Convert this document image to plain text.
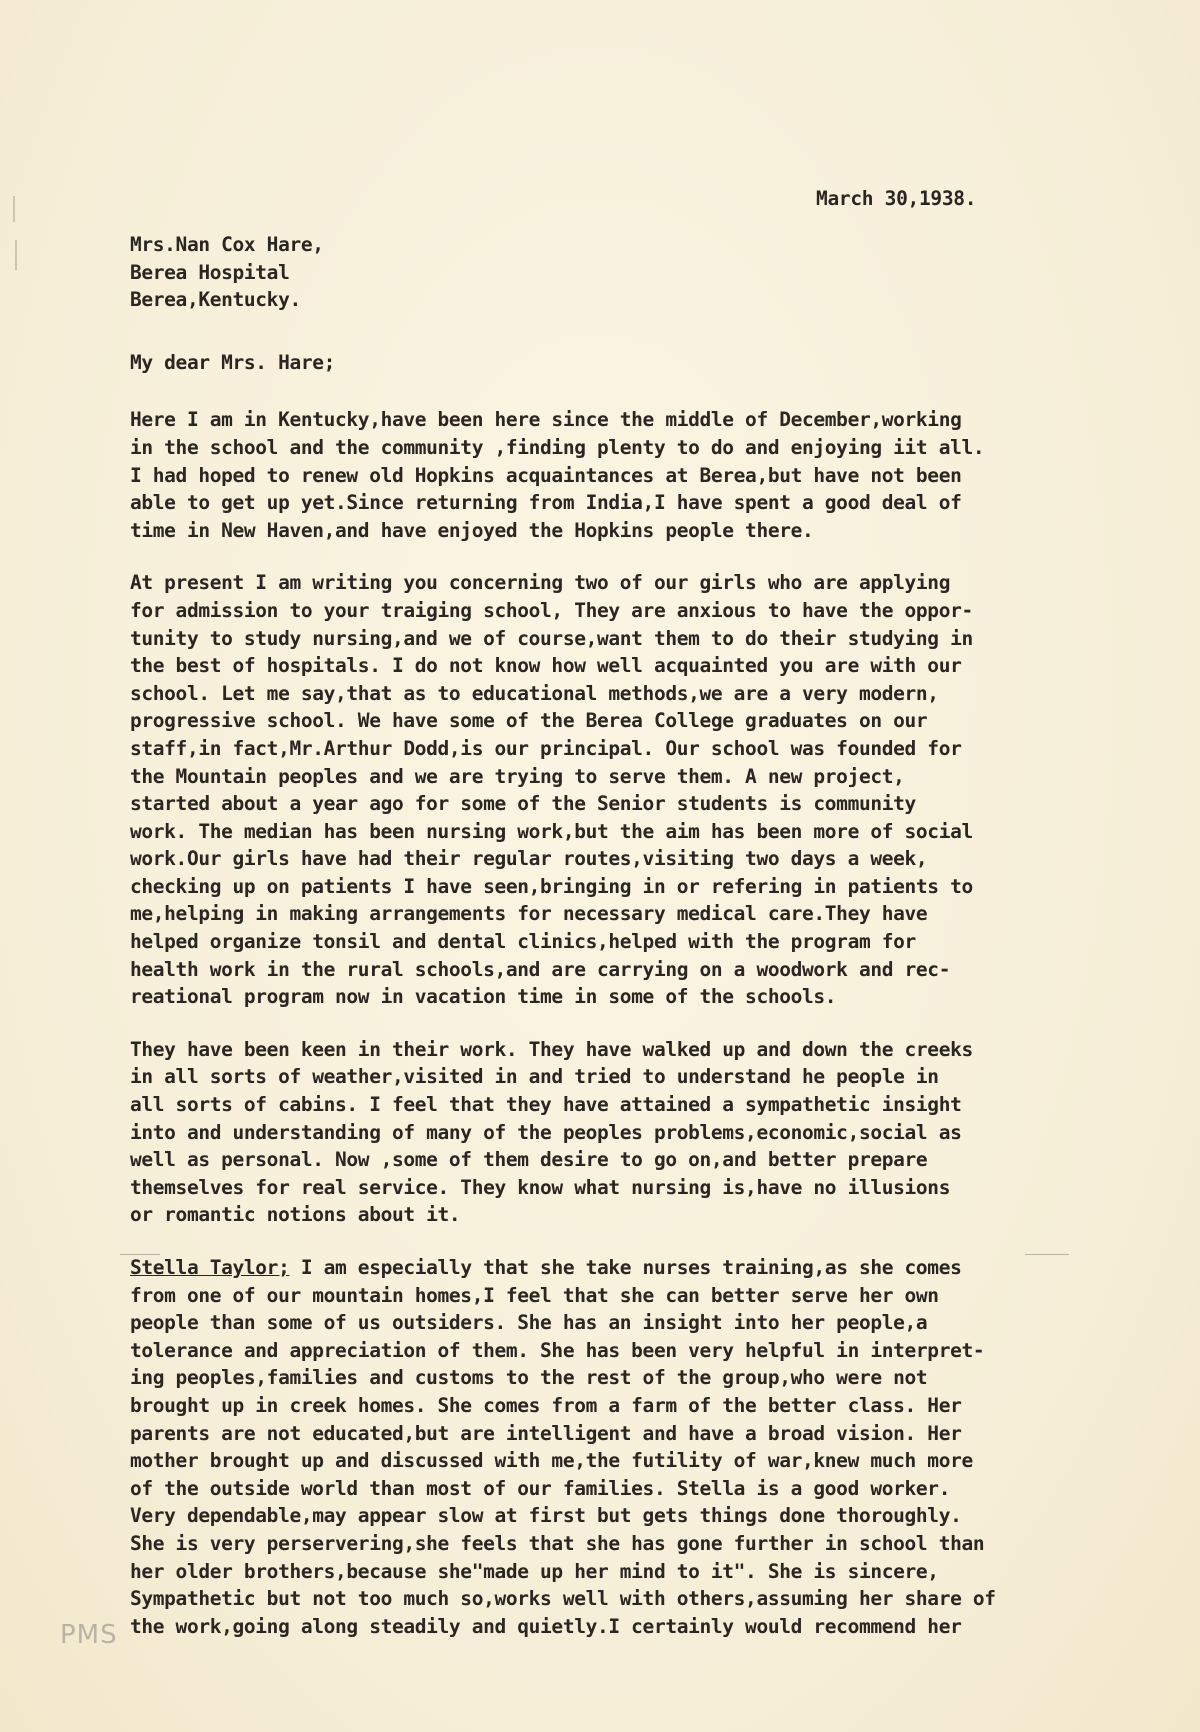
March 30,1938.
Mrs.Nan Cox Hare,
Berea Hospital
Berea,Kentucky.
My dear Mrs. Hare;
Here I am in Kentucky,have been here since the middle of December,working
in the school and the community ,finding plenty to do and enjoying iit all.
I had hoped to renew old Hopkins acquaintances at Berea,but have not been
able to get up yet.Since returning from India,I have spent a good deal of
time in New Haven,and have enjoyed the Hopkins people there.
At present I am writing you concerning two of our girls who are applying
for admission to your traiging school, They are anxious to have the oppor-
tunity to study nursing,and we of course,want them to do their studying in
the best of hospitals. I do not know how well acquainted you are with our
school. Let me say,that as to educational methods,we are a very modern,
progressive school. We have some of the Berea College graduates on our
staff,in fact,Mr.Arthur Dodd,is our principal. Our school was founded for
the Mountain peoples and we are trying to serve them. A new project,
started about a year ago for some of the Senior students is community
work. The median has been nursing work,but the aim has been more of social
work.Our girls have had their regular routes,visiting two days a week,
checking up on patients I have seen,bringing in or refering in patients to
me,helping in making arrangements for necessary medical care.They have
helped organize tonsil and dental clinics,helped with the program for
health work in the rural schools,and are carrying on a woodwork and rec-
reational program now in vacation time in some of the schools.
They have been keen in their work. They have walked up and down the creeks
in all sorts of weather,visited in and tried to understand he people in
all sorts of cabins. I feel that they have attained a sympathetic insight
into and understanding of many of the peoples problems,economic,social as
well as personal. Now ,some of them desire to go on,and better prepare
themselves for real service. They know what nursing is,have no illusions
or romantic notions about it.
Stella Taylor; I am especially that she take nurses training,as she comes
from one of our mountain homes,I feel that she can better serve her own
people than some of us outsiders. She has an insight into her people,a
tolerance and appreciation of them. She has been very helpful in interpret-
ing peoples,families and customs to the rest of the group,who were not
brought up in creek homes. She comes from a farm of the better class. Her
parents are not educated,but are intelligent and have a broad vision. Her
mother brought up and discussed with me,the futility of war,knew much more
of the outside world than most of our families. Stella is a good worker.
Very dependable,may appear slow at first but gets things done thoroughly.
She is very perservering,she feels that she has gone further in school than
her older brothers,because she"made up her mind to it". She is sincere,
Sympathetic but not too much so,works well with others,assuming her share of
the work,going along steadily and quietly.I certainly would recommend her
PMS
